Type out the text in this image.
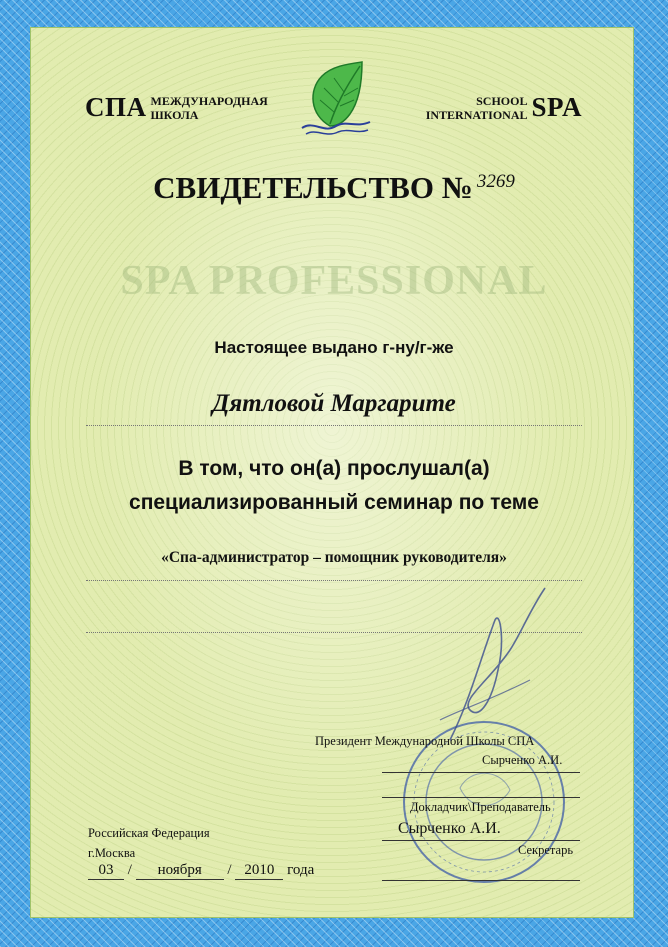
СПА МЕЖДУНАРОДНАЯ
ШКОЛА
SCHOOL
INTERNATIONAL SPA
СВИДЕТЕЛЬСТВО № $^{3269}$
SPA PROFESSIONAL
Настоящее выдано г-ну/г-же
Дятловой Маргарите
В том, что он(а) прослушал(а)
специализированный семинар по теме
«Спа-администратор – помощник руководителя»
Президент Международной Школы СПА
Сырченко А.И.
Докладчик\Преподаватель
Сырченко А.И.
Секретарь
Российская Федерация
г.Москва
03 / ноября / 2010 года
